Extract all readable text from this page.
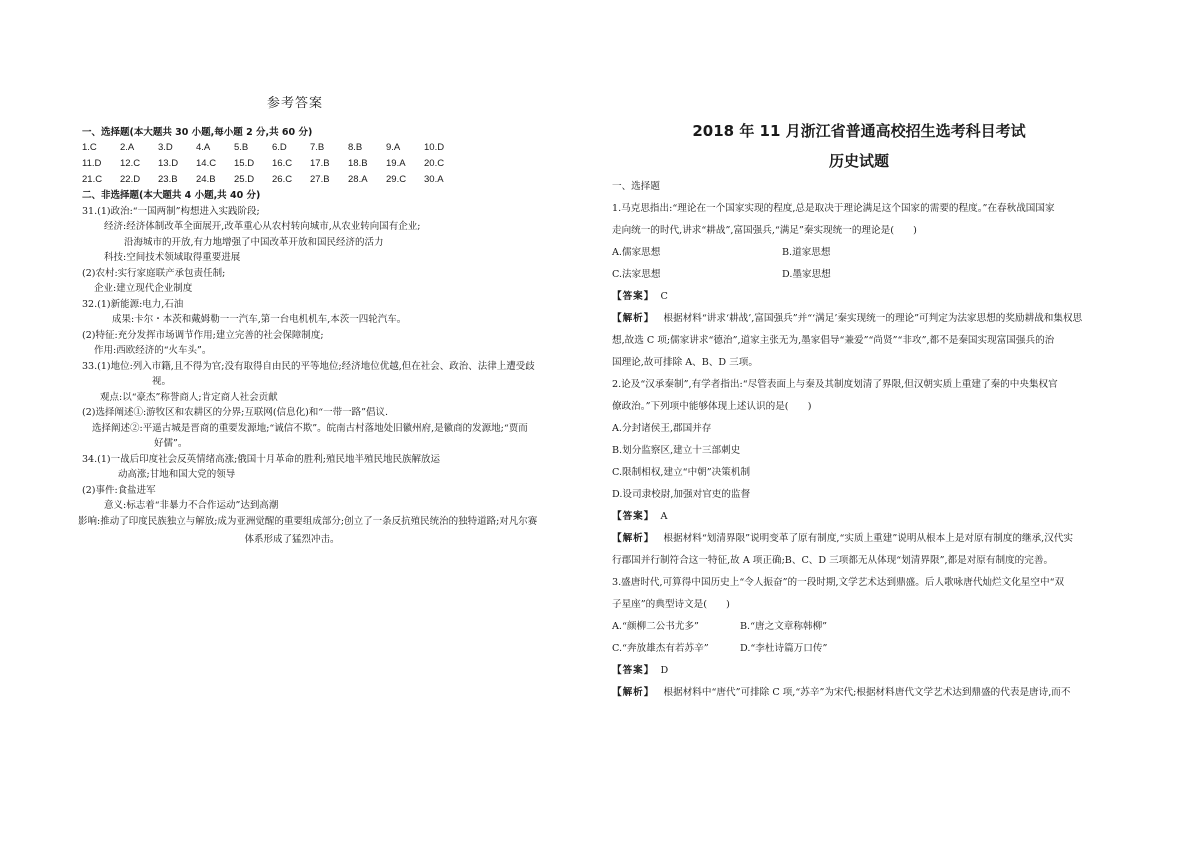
参考答案
一、选择题(本大题共 30 小题,每小题 2 分,共 60 分)
1.C	2.A	3.D	4.A	5.B	6.D	7.B	8.B	9.A	10.D
11.D	12.C	13.D	14.C	15.D	16.C	17.B	18.B	19.A	20.C
21.C	22.D	23.B	24.B	25.D	26.C	27.B	28.A	29.C	30.A
二、非选择题(本大题共 4 小题,共 40 分)
31.(1)政治:“一国两制”构想进入实践阶段;
经济:经济体制改革全面展开,改革重心从农村转向城市,从农业转向国有企业;
沿海城市的开放,有力地增强了中国改革开放和国民经济的活力
科技:空间技术领域取得重要进展
(2)农村:实行家庭联产承包责任制;
企业:建立现代企业制度
32.(1)新能源:电力,石油
成果:卡尔・本茨和戴姆勒一一汽车,第一台电机机车,本茨一四轮汽车。
(2)特征:充分发挥市场调节作用;建立完善的社会保障制度;
作用:西欧经济的“火车头”。
33.(1)地位:列入市籍,且不得为官;没有取得自由民的平等地位;经济地位优越,但在社会、政治、法律上遭受歧
视。
观点:以“豪杰”称誉商人;肯定商人社会贡献
(2)选择阐述①:游牧区和农耕区的分界;互联网(信息化)和“一带一路”倡议.
选择阐述②:平遥古城是晋商的重要发源地;“诚信不欺”。皖南古村落地处旧徽州府,是徽商的发源地;“贾而
好儒”。
34.(1)一战后印度社会反英情绪高涨;俄国十月革命的胜利;殖民地半殖民地民族解放运
动高涨;甘地和国大党的领导
(2)事件:食盐进军
意义:标志着“非暴力不合作运动”达到高潮
影响:推动了印度民族独立与解放;成为亚洲觉醒的重要组成部分;创立了一条反抗殖民统治的独特道路;对凡尔赛
体系形成了猛烈冲击。
2018 年 11 月浙江省普通高校招生选考科目考试
历史试题
一、选择题
1.马克思指出:“理论在一个国家实现的程度,总是取决于理论满足这个国家的需要的程度。”在春秋战国国家
走向统一的时代,讲求“耕战”,富国强兵,“满足”秦实现统一的理论是(　　)
A.儒家思想	B.道家思想
C.法家思想	D.墨家思想
【答案】 C
【解析】 根据材料“讲求‘耕战’,富国强兵”并“‘满足’秦实现统一的理论”可判定为法家思想的奖励耕战和集权思
想,故选 C 项;儒家讲求“德治”,道家主张无为,墨家倡导“兼爱”“尚贤”“非攻”,都不是秦国实现富国强兵的治
国理论,故可排除 A、B、D 三项。
2.论及“汉承秦制”,有学者指出:“尽管表面上与秦及其制度划清了界限,但汉朝实质上重建了秦的中央集权官
僚政治。”下列项中能够体现上述认识的是(　　)
A.分封诸侯王,郡国并存
B.划分监察区,建立十三部刺史
C.限制相权,建立“中朝”决策机制
D.设司隶校尉,加强对官吏的监督
【答案】 A
【解析】 根据材料“划清界限”说明变革了原有制度,“实质上重建”说明从根本上是对原有制度的继承,汉代实
行郡国并行制符合这一特征,故 A 项正确;B、C、D 三项都无从体现“划清界限”,都是对原有制度的完善。
3.盛唐时代,可算得中国历史上“令人振奋”的一段时期,文学艺术达到鼎盛。后人歌咏唐代灿烂文化星空中“双
子星座”的典型诗文是(　　)
A.“颜柳二公书尤多”	B.“唐之文章称韩柳”
C.“奔放雄杰有若苏辛”	D.“李杜诗篇万口传”
【答案】 D
【解析】 根据材料中“唐代”可排除 C 项,“苏辛”为宋代;根据材料唐代文学艺术达到鼎盛的代表是唐诗,而不
